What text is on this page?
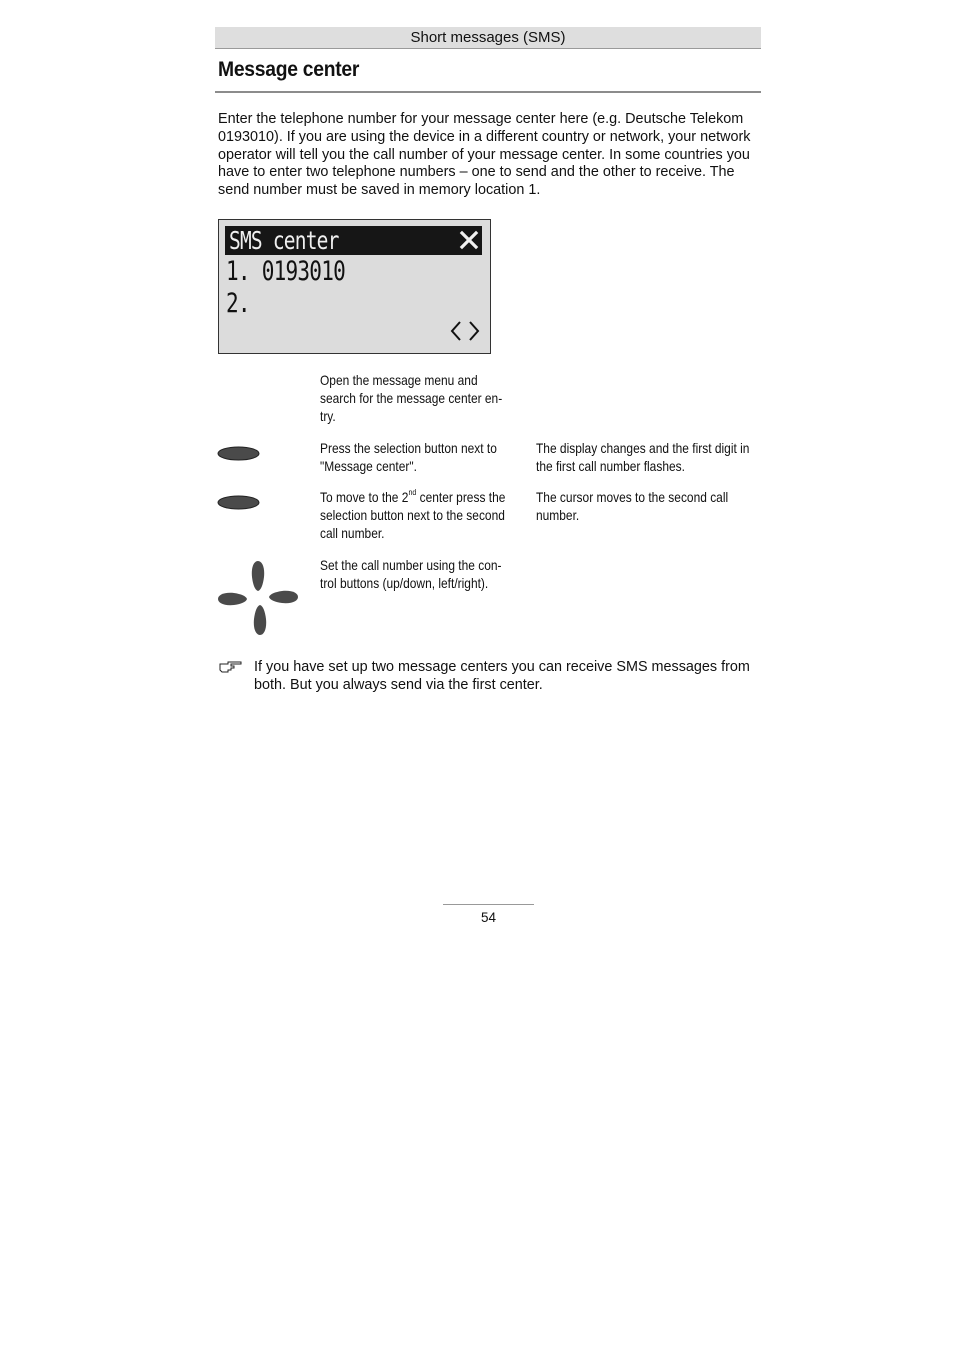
Short messages (SMS)
Message center

Enter the telephone number for your message center here (e.g. Deutsche Telekom 0193010). If you are using the device in a different country or network, your network operator will tell you the call number of your message center. In some countries you have to enter two telephone numbers – one to send and the other to receive. The send number must be saved in memory location 1.

SMS center
1. 0193010
2.
Open the message menu and search for the message center en-try.
Press the selection button next to "Message center".
The display changes and the first digit in the first call number flashes.
To move to the 2nd center press the selection button next to the second call number.
The cursor moves to the second call number.
Set the call number using the con-trol buttons (up/down, left/right).

If you have set up two message centers you can receive SMS messages from both. But you always send via the first center.

54
